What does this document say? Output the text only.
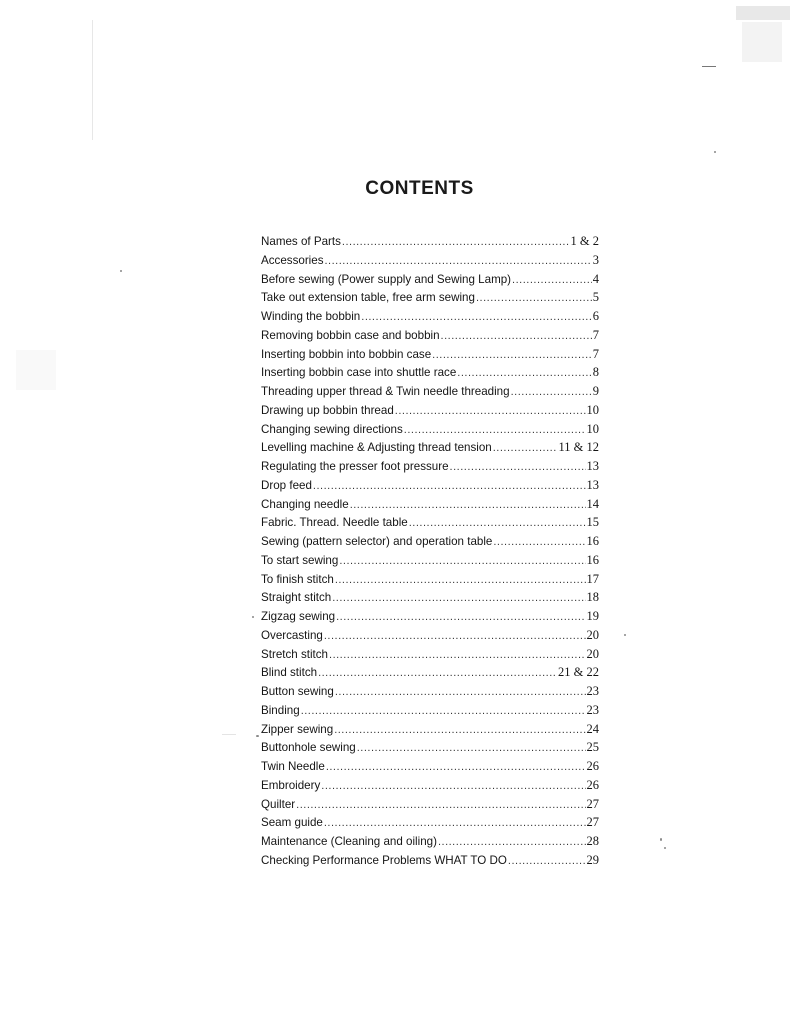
CONTENTS
Names of Parts .....	1 & 2
Accessories .....	3
Before sewing (Power supply and Sewing Lamp) .....	4
Take out extension table, free arm sewing .....	5
Winding the bobbin .....	6
Removing bobbin case and bobbin .....	7
Inserting bobbin into bobbin case .....	7
Inserting bobbin case into shuttle race .....	8
Threading upper thread & Twin needle threading .....	9
Drawing up bobbin thread .....	10
Changing sewing directions .....	10
Levelling machine & Adjusting thread tension .....	11 & 12
Regulating the presser foot pressure .....	13
Drop feed .....	13
Changing needle .....	14
Fabric. Thread. Needle table .....	15
Sewing (pattern selector) and operation table .....	16
To start sewing .....	16
To finish stitch .....	17
Straight stitch .....	18
Zigzag sewing .....	19
Overcasting .....	20
Stretch stitch .....	20
Blind stitch .....	21 & 22
Button sewing .....	23
Binding .....	23
Zipper sewing .....	24
Buttonhole sewing .....	25
Twin Needle .....	26
Embroidery .....	26
Quilter .....	27
Seam guide .....	27
Maintenance (Cleaning and oiling) .....	28
Checking Performance Problems WHAT TO DO .....	29
